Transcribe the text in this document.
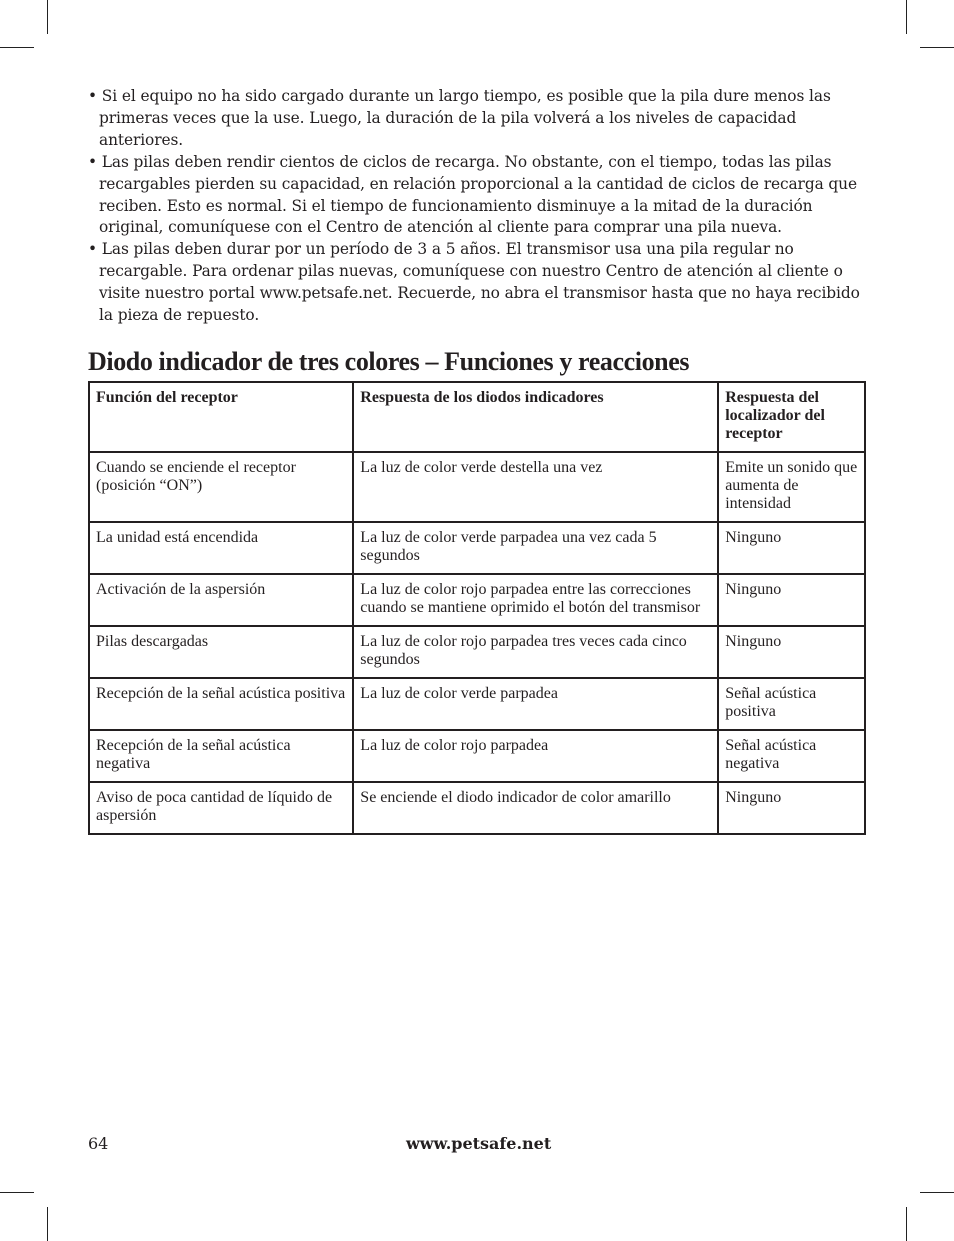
• Si el equipo no ha sido cargado durante un largo tiempo, es posible que la pila dure menos las primeras veces que la use. Luego, la duración de la pila volverá a los niveles de capacidad anteriores.
• Las pilas deben rendir cientos de ciclos de recarga. No obstante, con el tiempo, todas las pilas recargables pierden su capacidad, en relación proporcional a la cantidad de ciclos de recarga que reciben. Esto es normal. Si el tiempo de funcionamiento disminuye a la mitad de la duración original, comuníquese con el Centro de atención al cliente para comprar una pila nueva.
• Las pilas deben durar por un período de 3 a 5 años. El transmisor usa una pila regular no recargable. Para ordenar pilas nuevas, comuníquese con nuestro Centro de atención al cliente o visite nuestro portal www.petsafe.net. Recuerde, no abra el transmisor hasta que no haya recibido la pieza de repuesto.
Diodo indicador de tres colores – Funciones y reacciones
Función del receptor	Respuesta de los diodos indicadores	Respuesta del localizador del receptor
Cuando se enciende el receptor (posición “ON”)	La luz de color verde destella una vez	Emite un sonido que aumenta de intensidad
La unidad está encendida	La luz de color verde parpadea una vez cada 5 segundos	Ninguno
Activación de la aspersión	La luz de color rojo parpadea entre las correcciones cuando se mantiene oprimido el botón del transmisor	Ninguno
Pilas descargadas	La luz de color rojo parpadea tres veces cada cinco segundos	Ninguno
Recepción de la señal acústica positiva	La luz de color verde parpadea	Señal acústica positiva
Recepción de la señal acústica negativa	La luz de color rojo parpadea	Señal acústica negativa
Aviso de poca cantidad de líquido de aspersión	Se enciende el diodo indicador de color amarillo	Ninguno
64	www.petsafe.net
